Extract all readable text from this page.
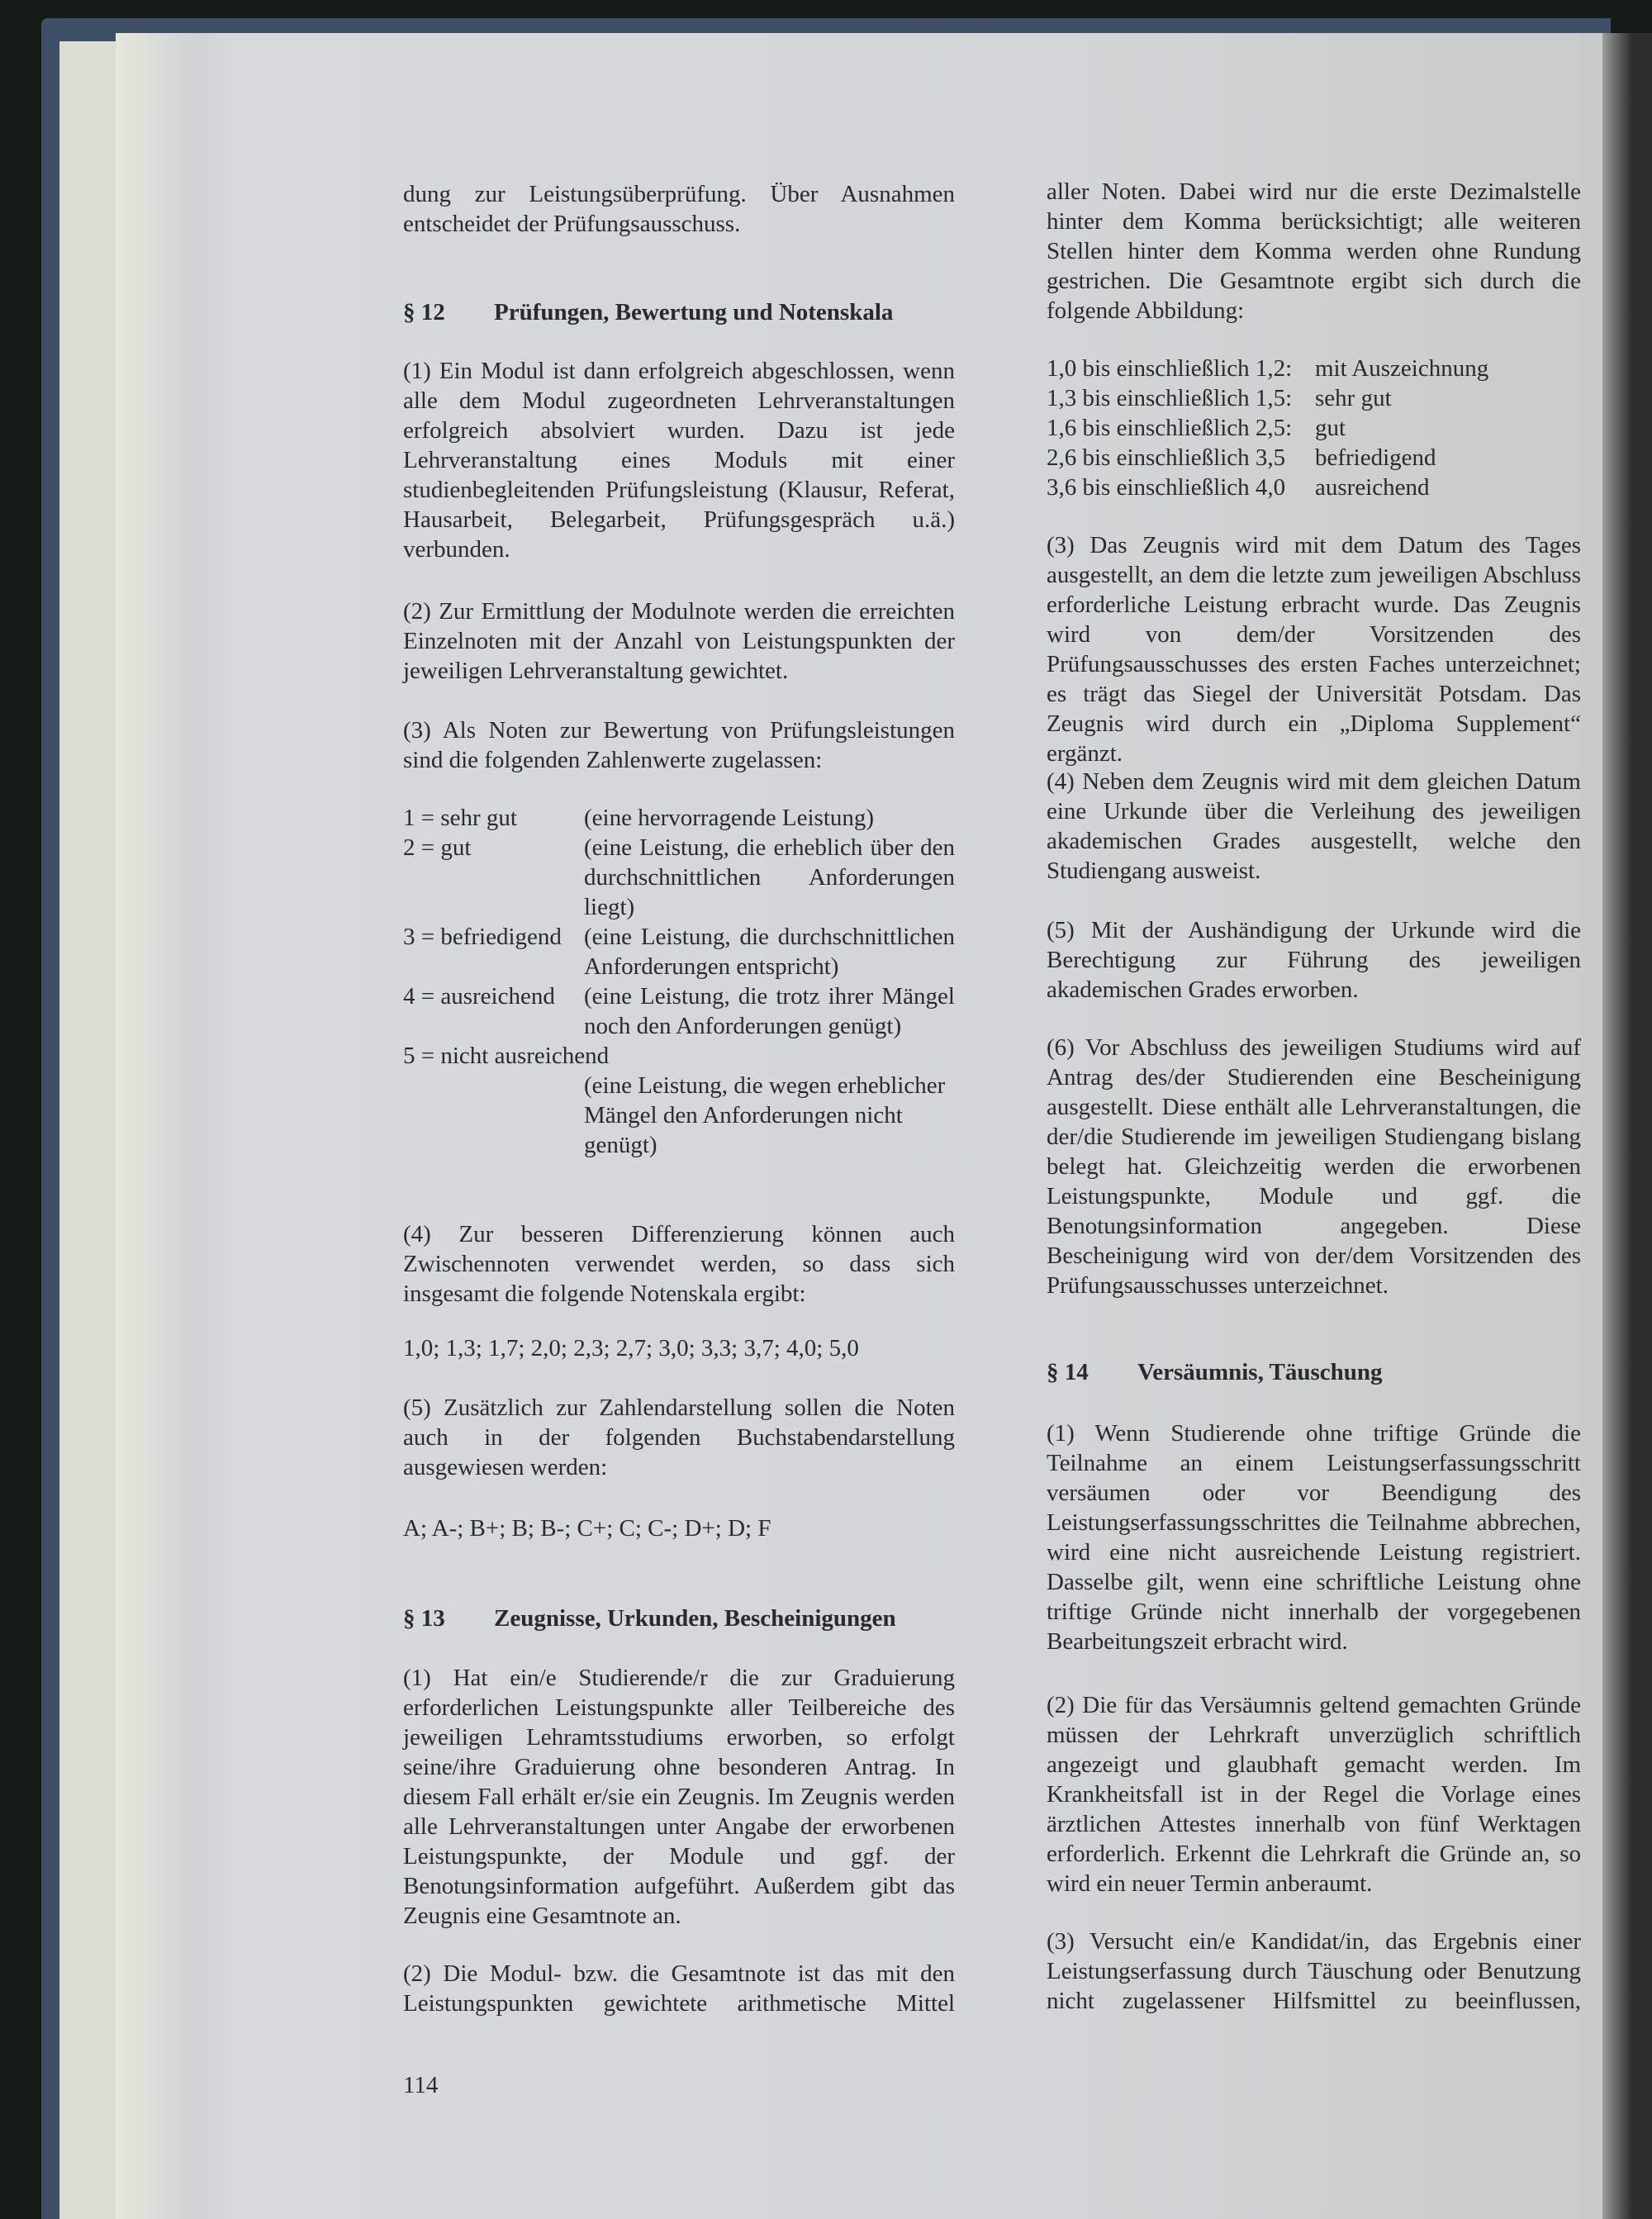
dung zur Leistungsüberprüfung. Über Ausnahmen entscheidet der Prüfungsausschuss.

§ 12 Prüfungen, Bewertung und Notenskala

(1) Ein Modul ist dann erfolgreich abgeschlossen, wenn alle dem Modul zugeordneten Lehrveranstaltungen erfolgreich absolviert wurden. Dazu ist jede Lehrveranstaltung eines Moduls mit einer studienbegleitenden Prüfungsleistung (Klausur, Referat, Hausarbeit, Belegarbeit, Prüfungsgespräch u.ä.) verbunden.

(2) Zur Ermittlung der Modulnote werden die erreichten Einzelnoten mit der Anzahl von Leistungspunkten der jeweiligen Lehrveranstaltung gewichtet.

(3) Als Noten zur Bewertung von Prüfungsleistungen sind die folgenden Zahlenwerte zugelassen:

1 = sehr gut	(eine hervorragende Leistung)
2 = gut	(eine Leistung, die erheblich über den durchschnittlichen Anforderungen liegt)
3 = befriedigend (eine Leistung, die durchschnittlichen Anforderungen entspricht)
4 = ausreichend	(eine Leistung, die trotz ihrer Mängel noch den Anforderungen genügt)
5 = nicht ausreichend
(eine Leistung, die wegen erheblicher Mängel den Anforderungen nicht genügt)

(4) Zur besseren Differenzierung können auch Zwischennoten verwendet werden, so dass sich insgesamt die folgende Notenskala ergibt:

1,0; 1,3; 1,7; 2,0; 2,3; 2,7; 3,0; 3,3; 3,7; 4,0; 5,0

(5) Zusätzlich zur Zahlendarstellung sollen die Noten auch in der folgenden Buchstabendarstellung ausgewiesen werden:

A; A-; B+; B; B-; C+; C; C-; D+; D; F

§ 13 Zeugnisse, Urkunden, Bescheinigungen

(1) Hat ein/e Studierende/r die zur Graduierung erforderlichen Leistungspunkte aller Teilbereiche des jeweiligen Lehramtsstudiums erworben, so erfolgt seine/ihre Graduierung ohne besonderen Antrag. In diesem Fall erhält er/sie ein Zeugnis. Im Zeugnis werden alle Lehrveranstaltungen unter Angabe der erworbenen Leistungspunkte, der Module und ggf. der Benotungsinformation aufgeführt. Außerdem gibt das Zeugnis eine Gesamtnote an.

(2) Die Modul- bzw. die Gesamtnote ist das mit den Leistungspunkten gewichtete arithmetische Mittel

114

aller Noten. Dabei wird nur die erste Dezimalstelle hinter dem Komma berücksichtigt; alle weiteren Stellen hinter dem Komma werden ohne Rundung gestrichen. Die Gesamtnote ergibt sich durch die folgende Abbildung:

1,0 bis einschließlich 1,2: mit Auszeichnung
1,3 bis einschließlich 1,5: sehr gut
1,6 bis einschließlich 2,5: gut
2,6 bis einschließlich 3,5	befriedigend
3,6 bis einschließlich 4,0	ausreichend

(3) Das Zeugnis wird mit dem Datum des Tages ausgestellt, an dem die letzte zum jeweiligen Abschluss erforderliche Leistung erbracht wurde. Das Zeugnis wird von dem/der Vorsitzenden des Prüfungsausschusses des ersten Faches unterzeichnet; es trägt das Siegel der Universität Potsdam. Das Zeugnis wird durch ein „Diploma Supplement“ ergänzt.

(4) Neben dem Zeugnis wird mit dem gleichen Datum eine Urkunde über die Verleihung des jeweiligen akademischen Grades ausgestellt, welche den Studiengang ausweist.

(5) Mit der Aushändigung der Urkunde wird die Berechtigung zur Führung des jeweiligen akademischen Grades erworben.

(6) Vor Abschluss des jeweiligen Studiums wird auf Antrag des/der Studierenden eine Bescheinigung ausgestellt. Diese enthält alle Lehrveranstaltungen, die der/die Studierende im jeweiligen Studiengang bislang belegt hat. Gleichzeitig werden die erworbenen Leistungspunkte, Module und ggf. die Benotungsinformation angegeben. Diese Bescheinigung wird von der/dem Vorsitzenden des Prüfungsausschusses unterzeichnet.

§ 14 Versäumnis, Täuschung

(1) Wenn Studierende ohne triftige Gründe die Teilnahme an einem Leistungserfassungsschritt versäumen oder vor Beendigung des Leistungserfassungsschrittes die Teilnahme abbrechen, wird eine nicht ausreichende Leistung registriert. Dasselbe gilt, wenn eine schriftliche Leistung ohne triftige Gründe nicht innerhalb der vorgegebenen Bearbeitungszeit erbracht wird.

(2) Die für das Versäumnis geltend gemachten Gründe müssen der Lehrkraft unverzüglich schriftlich angezeigt und glaubhaft gemacht werden. Im Krankheitsfall ist in der Regel die Vorlage eines ärztlichen Attestes innerhalb von fünf Werktagen erforderlich. Erkennt die Lehrkraft die Gründe an, so wird ein neuer Termin anberaumt.

(3) Versucht ein/e Kandidat/in, das Ergebnis einer Leistungserfassung durch Täuschung oder Benutzung nicht zugelassener Hilfsmittel zu beeinflussen,
